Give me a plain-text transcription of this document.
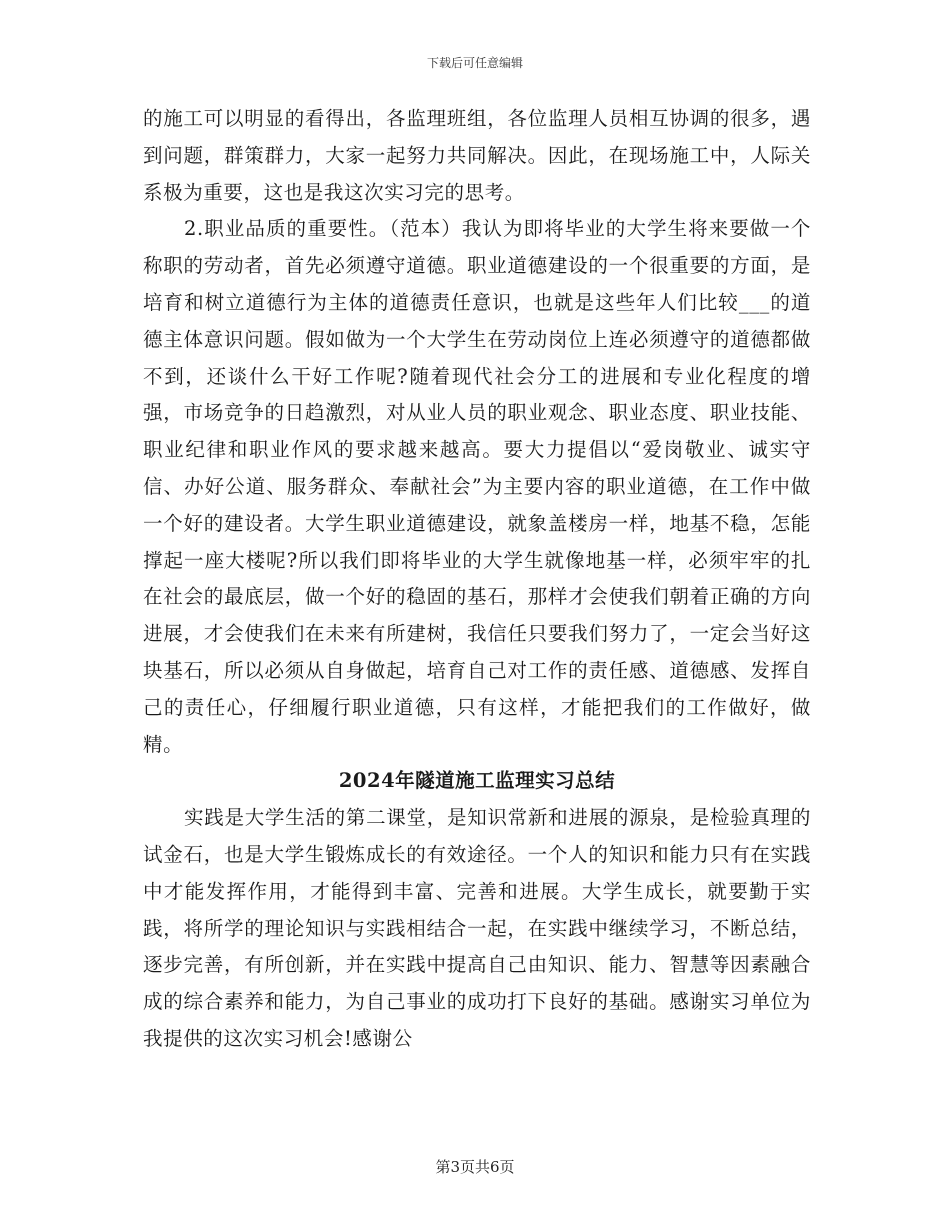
下载后可任意编辑

的施工可以明显的看得出，各监理班组，各位监理人员相互协调的很多，遇到问题，群策群力，大家一起努力共同解决。因此，在现场施工中，人际关系极为重要，这也是我这次实习完的思考。

2.职业品质的重要性。（范本）我认为即将毕业的大学生将来要做一个称职的劳动者，首先必须遵守道德。职业道德建设的一个很重要的方面，是培育和树立道德行为主体的道德责任意识，也就是这些年人们比较___的道德主体意识问题。假如做为一个大学生在劳动岗位上连必须遵守的道德都做不到，还谈什么干好工作呢?随着现代社会分工的进展和专业化程度的增强，市场竞争的日趋激烈，对从业人员的职业观念、职业态度、职业技能、职业纪律和职业作风的要求越来越高。要大力提倡以“爱岗敬业、诚实守信、办好公道、服务群众、奉献社会”为主要内容的职业道德，在工作中做一个好的建设者。大学生职业道德建设，就象盖楼房一样，地基不稳，怎能撑起一座大楼呢?所以我们即将毕业的大学生就像地基一样，必须牢牢的扎在社会的最底层，做一个好的稳固的基石，那样才会使我们朝着正确的方向进展，才会使我们在未来有所建树，我信任只要我们努力了，一定会当好这块基石，所以必须从自身做起，培育自己对工作的责任感、道德感、发挥自己的责任心，仔细履行职业道德，只有这样，才能把我们的工作做好，做精。

2024年隧道施工监理实习总结

实践是大学生活的第二课堂，是知识常新和进展的源泉，是检验真理的试金石，也是大学生锻炼成长的有效途径。一个人的知识和能力只有在实践中才能发挥作用，才能得到丰富、完善和进展。大学生成长，就要勤于实践，将所学的理论知识与实践相结合一起，在实践中继续学习，不断总结，逐步完善，有所创新，并在实践中提高自己由知识、能力、智慧等因素融合成的综合素养和能力，为自己事业的成功打下良好的基础。感谢实习单位为我提供的这次实习机会!感谢公

第3页共6页
